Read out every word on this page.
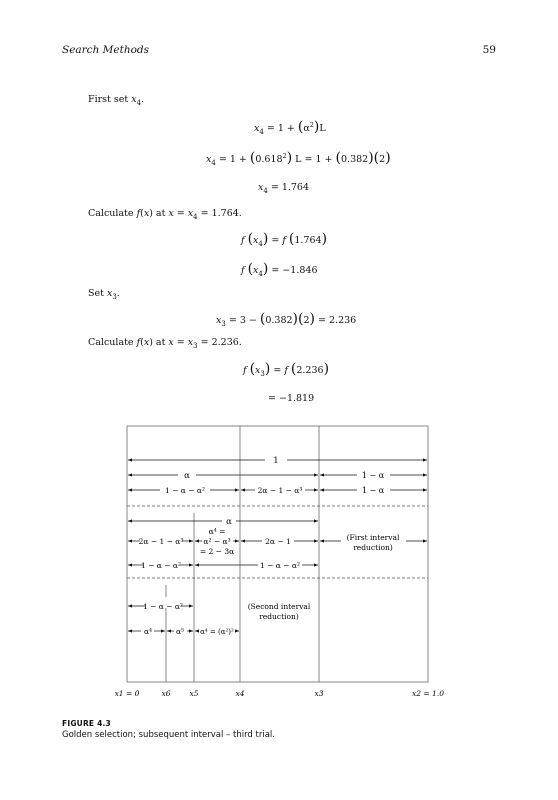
Search Methods	59
First set $x_4$.
$x_4 = 1 + (\alpha^2)L$
$x_4 = 1 + (0.618^2) L = 1 + (0.382)(2)$
$x_4 = 1.764$
Calculate f(x) at $x = x_4 = 1.764$.
f $(x_4) = f$ (1.764)
f $(x_4) = -1.846$
Set $x_3$.
$x_3 = 3 - (0.382)(2) = 2.236$
Calculate f(x) at $x = x_3 = 2.236$.
f $(x_3) = f$ (2.236)
= −1.819
1
α	1 − α
1 − α − α²	2α − 1 − α³	1 − α
α
2α − 1 − α³
α⁴ =
α² − α³
= 2 − 3α
2α − 1	(First interval
reduction)
1 − α − α²	1 − α − α²
1 − α − α²	(Second interval
reduction)
α⁴	α⁵ α⁴ = (α²)²
x1 = 0	x6	x5	x4	x3	x2 = 1.0
FIGURE 4.3
Golden selection; subsequent interval – third trial.
